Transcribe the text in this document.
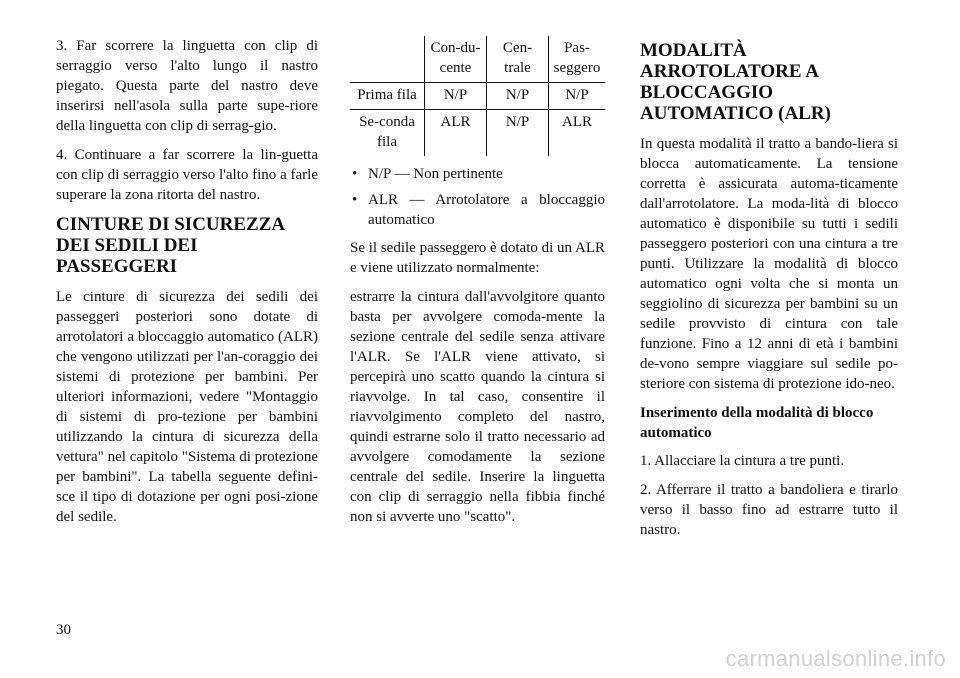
3. Far scorrere la linguetta con clip di serraggio verso l'alto lungo il nastro piegato. Questa parte del nastro deve inserirsi nell'asola sulla parte supe-riore della linguetta con clip di serrag-gio.

4. Continuare a far scorrere la lin-guetta con clip di serraggio verso l'alto fino a farle superare la zona ritorta del nastro.

CINTURE DI SICUREZZA DEI SEDILI DEI PASSEGGERI

Le cinture di sicurezza dei sedili dei passeggeri posteriori sono dotate di arrotolatori a bloccaggio automatico (ALR) che vengono utilizzati per l'an-coraggio dei sistemi di protezione per bambini. Per ulteriori informazioni, vedere "Montaggio di sistemi di pro-tezione per bambini utilizzando la cintura di sicurezza della vettura" nel capitolo "Sistema di protezione per bambini". La tabella seguente defini-sce il tipo di dotazione per ogni posi-zione del sedile.

	Con-du-cente	Cen-trale	Pas-seggero
Prima fila	N/P	N/P	N/P
Se-conda fila	ALR	N/P	ALR
• N/P — Non pertinente
• ALR — Arrotolatore a bloccaggio automatico

Se il sedile passeggero è dotato di un ALR e viene utilizzato normalmente:

estrarre la cintura dall'avvolgitore quanto basta per avvolgere comoda-mente la sezione centrale del sedile senza attivare l'ALR. Se l'ALR viene attivato, si percepirà uno scatto quando la cintura si riavvolge. In tal caso, consentire il riavvolgimento completo del nastro, quindi estrarne solo il tratto necessario ad avvolgere comodamente la sezione centrale del sedile. Inserire la linguetta con clip di serraggio nella fibbia finché non si avverte uno "scatto".

MODALITÀ ARROTOLATORE A BLOCCAGGIO AUTOMATICO (ALR)

In questa modalità il tratto a bando-liera si blocca automaticamente. La tensione corretta è assicurata automa-ticamente dall'arrotolatore. La moda-lità di blocco automatico è disponibile su tutti i sedili passeggero posteriori con una cintura a tre punti. Utilizzare la modalità di blocco automatico ogni volta che si monta un seggiolino di sicurezza per bambini su un sedile provvisto di cintura con tale funzione. Fino a 12 anni di età i bambini de-vono sempre viaggiare sul sedile po-steriore con sistema di protezione ido-neo.

Inserimento della modalità di blocco automatico

1. Allacciare la cintura a tre punti.

2. Afferrare il tratto a bandoliera e tirarlo verso il basso fino ad estrarre tutto il nastro.

30
carmanualsonline.info
